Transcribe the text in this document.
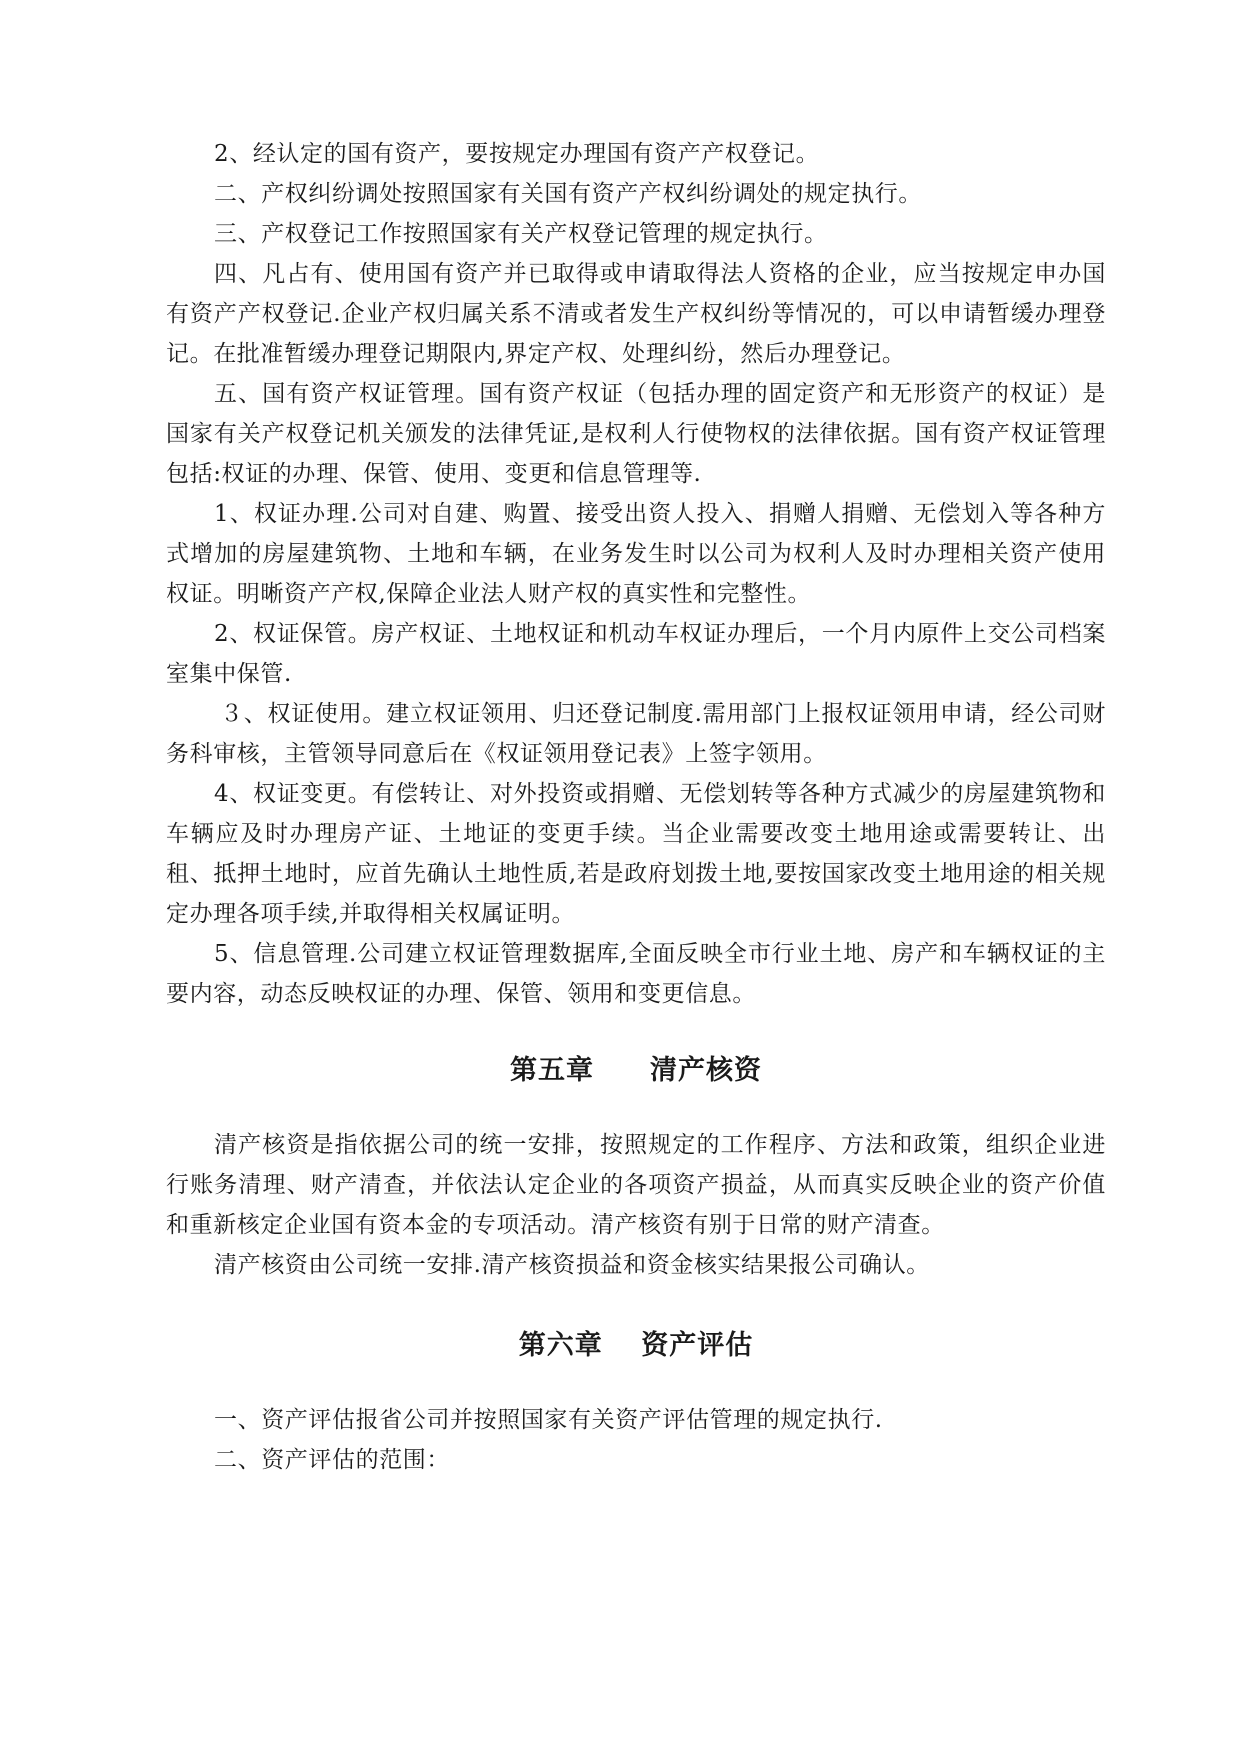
2、经认定的国有资产，要按规定办理国有资产产权登记。

二、产权纠纷调处按照国家有关国有资产产权纠纷调处的规定执行。

三、产权登记工作按照国家有关产权登记管理的规定执行。

四、凡占有、使用国有资产并已取得或申请取得法人资格的企业，应当按规定申办国有资产产权登记.企业产权归属关系不清或者发生产权纠纷等情况的，可以申请暂缓办理登记。在批准暂缓办理登记期限内,界定产权、处理纠纷，然后办理登记。

五、国有资产权证管理。国有资产权证（包括办理的固定资产和无形资产的权证）是国家有关产权登记机关颁发的法律凭证,是权利人行使物权的法律依据。国有资产权证管理包括:权证的办理、保管、使用、变更和信息管理等.

1、权证办理.公司对自建、购置、接受出资人投入、捐赠人捐赠、无偿划入等各种方式增加的房屋建筑物、土地和车辆，在业务发生时以公司为权利人及时办理相关资产使用权证。明晰资产产权,保障企业法人财产权的真实性和完整性。

2、权证保管。房产权证、土地权证和机动车权证办理后，一个月内原件上交公司档案室集中保管.

３、权证使用。建立权证领用、归还登记制度.需用部门上报权证领用申请，经公司财务科审核，主管领导同意后在《权证领用登记表》上签字领用。

4、权证变更。有偿转让、对外投资或捐赠、无偿划转等各种方式减少的房屋建筑物和车辆应及时办理房产证、土地证的变更手续。当企业需要改变土地用途或需要转让、出租、抵押土地时，应首先确认土地性质,若是政府划拨土地,要按国家改变土地用途的相关规定办理各项手续,并取得相关权属证明。

5、信息管理.公司建立权证管理数据库,全面反映全市行业土地、房产和车辆权证的主要内容，动态反映权证的办理、保管、领用和变更信息。

第五章　　清产核资

清产核资是指依据公司的统一安排，按照规定的工作程序、方法和政策，组织企业进行账务清理、财产清查，并依法认定企业的各项资产损益，从而真实反映企业的资产价值和重新核定企业国有资本金的专项活动。清产核资有别于日常的财产清查。

清产核资由公司统一安排.清产核资损益和资金核实结果报公司确认。

第六章　 资产评估

一、资产评估报省公司并按照国家有关资产评估管理的规定执行.

二、资产评估的范围：
